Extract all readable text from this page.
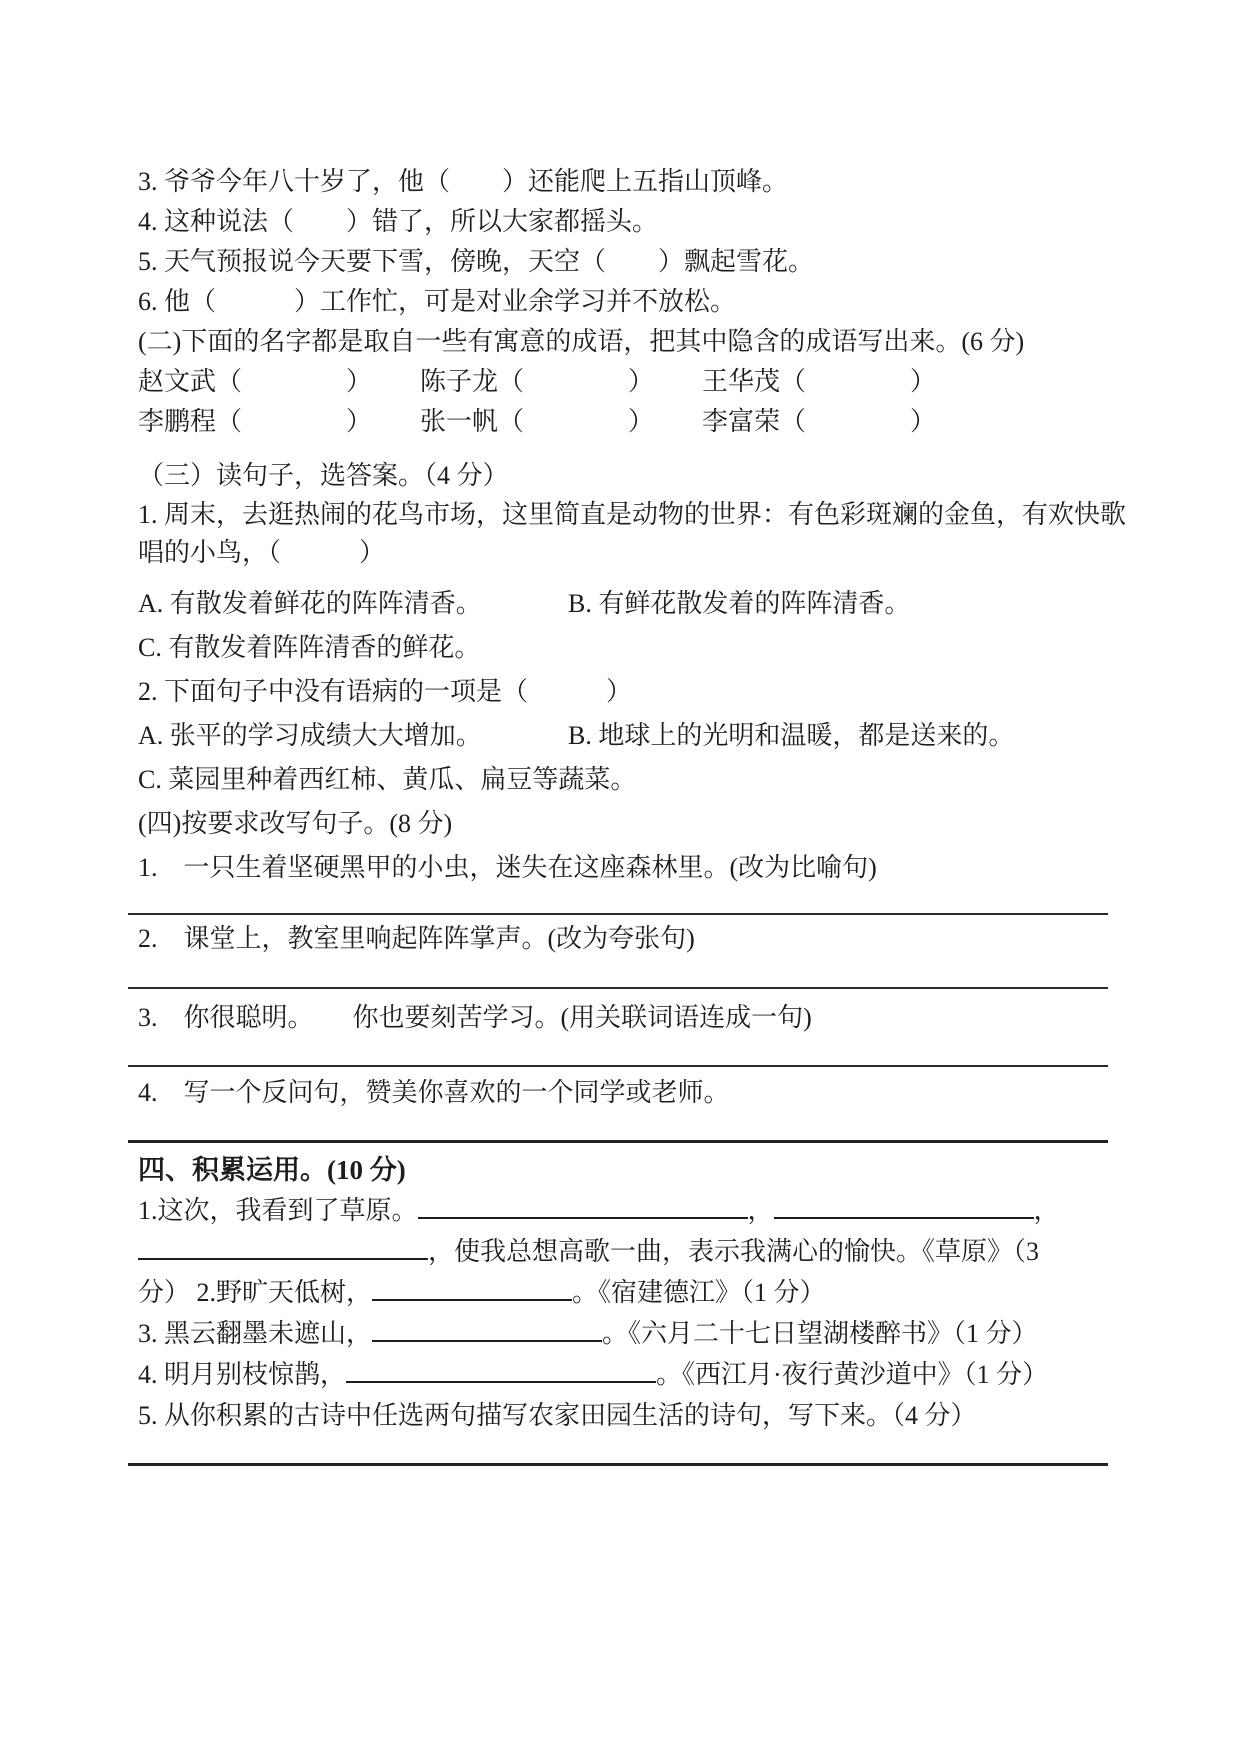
3. 爷爷今年八十岁了，他（　　）还能爬上五指山顶峰。
4. 这种说法（　　）错了，所以大家都摇头。
5. 天气预报说今天要下雪，傍晚，天空（　　）飘起雪花。
6. 他（　　　）工作忙，可是对业余学习并不放松。
(二)下面的名字都是取自一些有寓意的成语，把其中隐含的成语写出来。(6 分)
赵文武（　　　　） 陈子龙（　　　　） 王华茂（　　　　）
李鹏程（　　　　） 张一帆（　　　　） 李富荣（　　　　）
（三）读句子，选答案。（4 分）
1. 周末，去逛热闹的花鸟市场，这里简直是动物的世界：有色彩斑斓的金鱼，有欢快歌
唱的小鸟，（　　　）
A. 有散发着鲜花的阵阵清香。	B. 有鲜花散发着的阵阵清香。
C. 有散发着阵阵清香的鲜花。
2. 下面句子中没有语病的一项是（　　　）
A. 张平的学习成绩大大增加。	B. 地球上的光明和温暖，都是送来的。
C. 菜园里种着西红柿、黄瓜、扁豆等蔬菜。
(四)按要求改写句子。(8 分)
1.　一只生着坚硬黑甲的小虫，迷失在这座森林里。(改为比喻句)
2.　课堂上，教室里响起阵阵掌声。(改为夸张句)
3.　你很聪明。　　你也要刻苦学习。(用关联词语连成一句)
4.　写一个反问句，赞美你喜欢的一个同学或老师。
四、积累运用。(10 分)
1.这次，我看到了草原。	，	，
，使我总想高歌一曲，表示我满心的愉快。《草原》（3
分） 2.野旷天低树，	。《宿建德江》（1 分）
3. 黑云翻墨未遮山，	。《六月二十七日望湖楼醉书》（1 分）
4. 明月别枝惊鹊，	。《西江月·夜行黄沙道中》（1 分）
5. 从你积累的古诗中任选两句描写农家田园生活的诗句，写下来。（4 分）
